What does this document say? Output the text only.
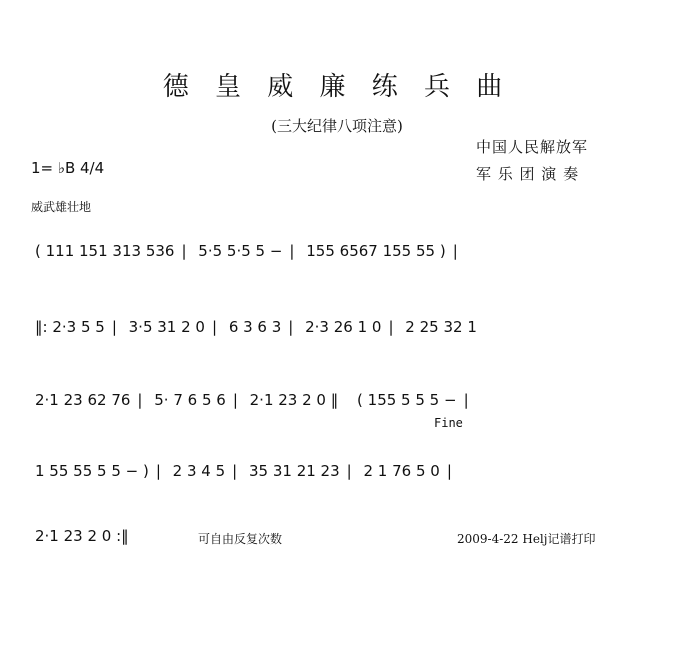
德 皇 威 廉 练 兵 曲
(三大纪律八项注意)
中国人民解放军
军 乐 团 演 奏
1= ♭B 4/4
威武雄壮地
( 111 151 313 536 | 5·5 5·5 5 − | 155 6567 155 55 ) |
‖: 2·3 5 5 | 3·5 31 2 0 | 6 3 6 3 | 2·3 26 1 0 | 2 25 32 1
2·1 23 62 76 | 5· 7 6 5 6 | 2·1 23 2 0 ‖ ( 155 5 5 5 − |
Fine
1 55 55 5 5 − ) | 2 3 4 5 | 35 31 21 23 | 2 1 76 5 0 |
2·1 23 2 0 :‖	可自由反复次数	2009-4-22 Helj记谱打印
